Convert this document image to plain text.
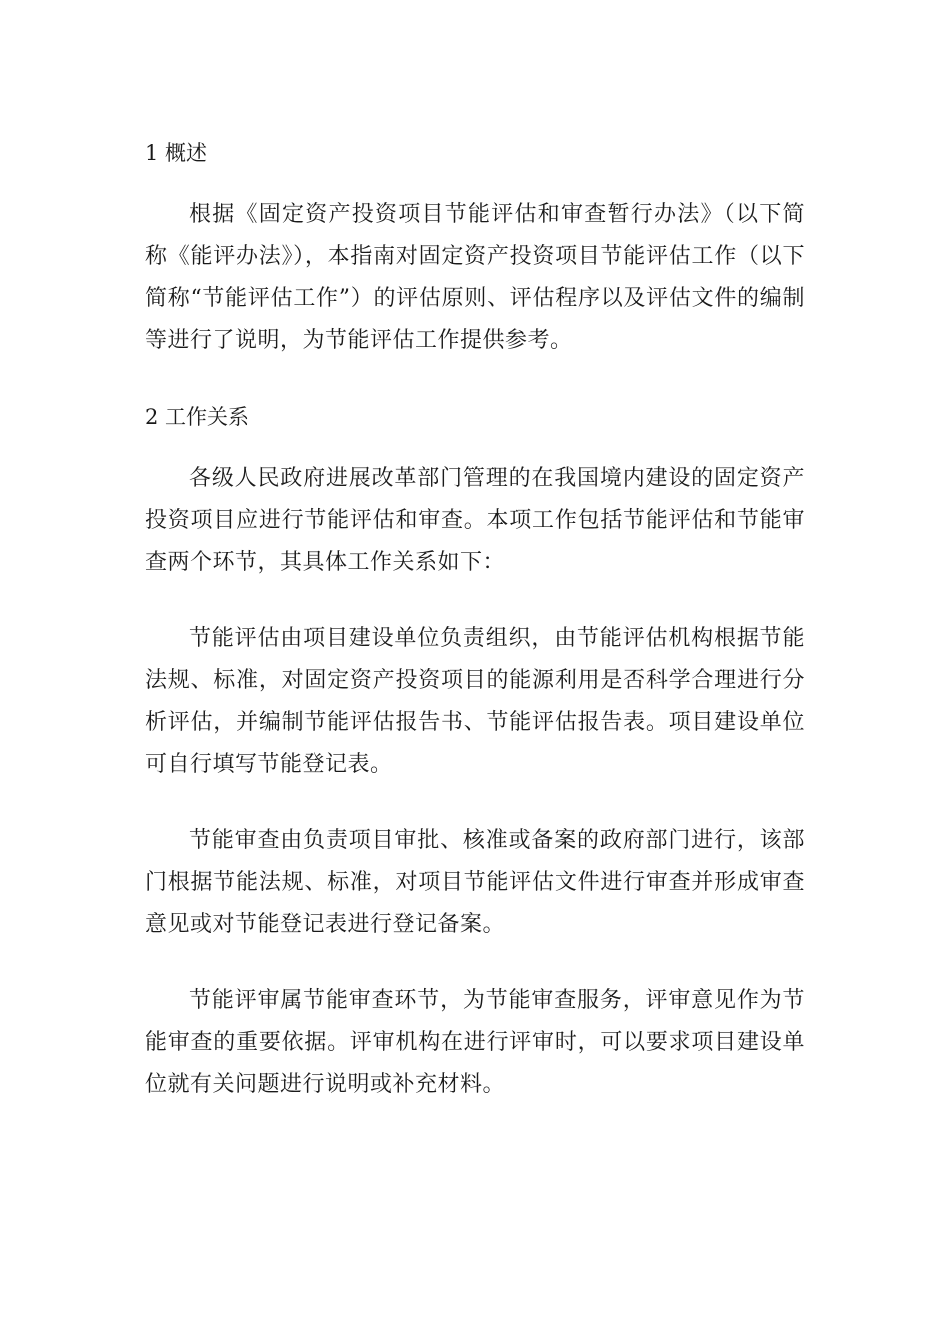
1 概述

根据《固定资产投资项目节能评估和审查暂行办法》（以下简称《能评办法》），本指南对固定资产投资项目节能评估工作（以下简称“节能评估工作”）的评估原则、评估程序以及评估文件的编制等进行了说明，为节能评估工作提供参考。

2 工作关系

各级人民政府进展改革部门管理的在我国境内建设的固定资产投资项目应进行节能评估和审查。本项工作包括节能评估和节能审查两个环节，其具体工作关系如下：

节能评估由项目建设单位负责组织，由节能评估机构根据节能法规、标准，对固定资产投资项目的能源利用是否科学合理进行分析评估，并编制节能评估报告书、节能评估报告表。项目建设单位可自行填写节能登记表。

节能审查由负责项目审批、核准或备案的政府部门进行，该部门根据节能法规、标准，对项目节能评估文件进行审查并形成审查意见或对节能登记表进行登记备案。

节能评审属节能审查环节，为节能审查服务，评审意见作为节能审查的重要依据。评审机构在进行评审时，可以要求项目建设单位就有关问题进行说明或补充材料。
